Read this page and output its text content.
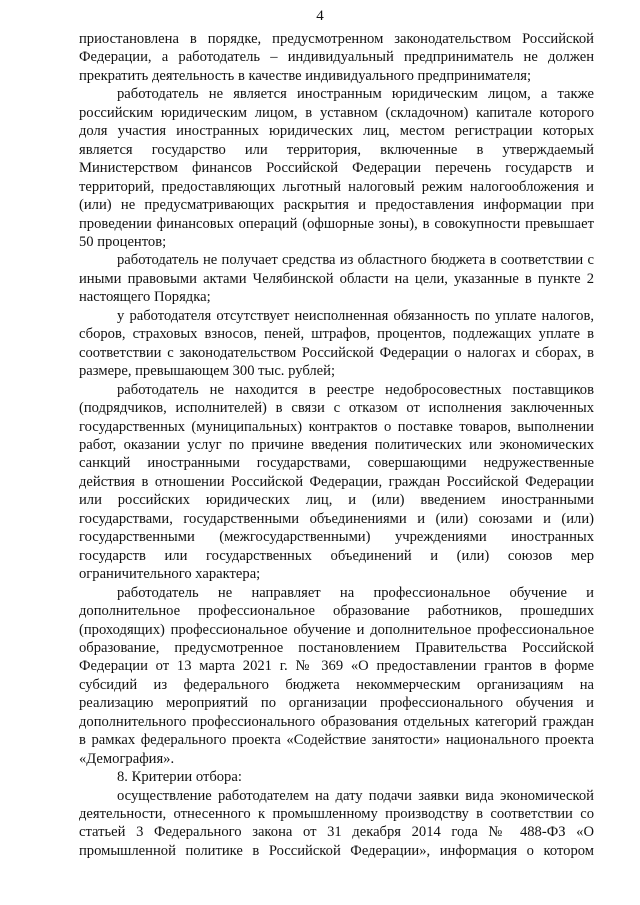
4

приостановлена в порядке, предусмотренном законодательством Российской Федерации, а работодатель – индивидуальный предприниматель не должен прекратить деятельность в качестве индивидуального предпринимателя;

работодатель не является иностранным юридическим лицом, а также российским юридическим лицом, в уставном (складочном) капитале которого доля участия иностранных юридических лиц, местом регистрации которых является государство или территория, включенные в утверждаемый Министерством финансов Российской Федерации перечень государств и территорий, предоставляющих льготный налоговый режим налогообложения и (или) не предусматривающих раскрытия и предоставления информации при проведении финансовых операций (офшорные зоны), в совокупности превышает 50 процентов;

работодатель не получает средства из областного бюджета в соответствии с иными правовыми актами Челябинской области на цели, указанные в пункте 2 настоящего Порядка;

у работодателя отсутствует неисполненная обязанность по уплате налогов, сборов, страховых взносов, пеней, штрафов, процентов, подлежащих уплате в соответствии с законодательством Российской Федерации о налогах и сборах, в размере, превышающем 300 тыс. рублей;

работодатель не находится в реестре недобросовестных поставщиков (подрядчиков, исполнителей) в связи с отказом от исполнения заключенных государственных (муниципальных) контрактов о поставке товаров, выполнении работ, оказании услуг по причине введения политических или экономических санкций иностранными государствами, совершающими недружественные действия в отношении Российской Федерации, граждан Российской Федерации или российских юридических лиц, и (или) введением иностранными государствами, государственными объединениями и (или) союзами и (или) государственными (межгосударственными) учреждениями иностранных государств или государственных объединений и (или) союзов мер ограничительного характера;

работодатель не направляет на профессиональное обучение и дополнительное профессиональное образование работников, прошедших (проходящих) профессиональное обучение и дополнительное профессиональное образование, предусмотренное постановлением Правительства Российской Федерации от 13 марта 2021 г. № 369 «О предоставлении грантов в форме субсидий из федерального бюджета некоммерческим организациям на реализацию мероприятий по организации профессионального обучения и дополнительного профессионального образования отдельных категорий граждан в рамках федерального проекта «Содействие занятости» национального проекта «Демография».

8. Критерии отбора:

осуществление работодателем на дату подачи заявки вида экономической деятельности, отнесенного к промышленному производству в соответствии со статьей 3 Федерального закона от 31 декабря 2014 года № 488-ФЗ «О промышленной политике в Российской Федерации», информация о котором
